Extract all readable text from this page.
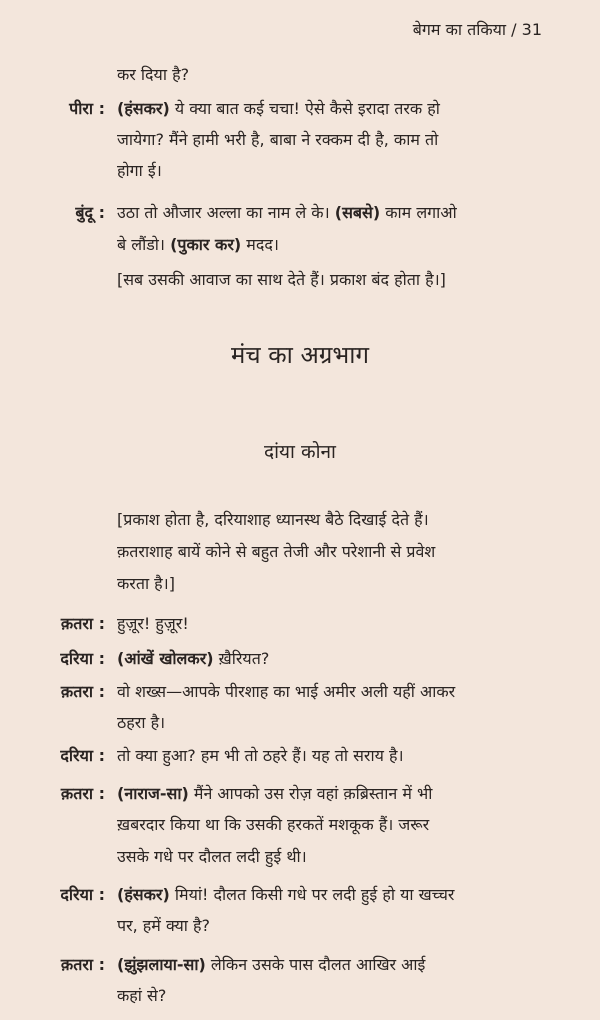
बेगम का तकिया / 31
कर दिया है?
पीरा : (हंसकर) ये क्या बात कई चचा! ऐसे कैसे इरादा तरक हो
जायेगा? मैंने हामी भरी है, बाबा ने रक्कम दी है, काम तो
होगा ई।
बुंदू : उठा तो औजार अल्ला का नाम ले के। (सबसे) काम लगाओ
बे लौंडो। (पुकार कर) मदद।
[सब उसकी आवाज का साथ देते हैं। प्रकाश बंद होता है।]
मंच का अग्रभाग
दांया कोना
[प्रकाश होता है, दरियाशाह ध्यानस्थ बैठे दिखाई देते हैं।
क़तराशाह बायें कोने से बहुत तेजी और परेशानी से प्रवेश
करता है।]
क़तरा : हुज़ूर! हुज़ूर!
दरिया : (आंखें खोलकर) ख़ैरियत?
क़तरा : वो शख्स—आपके पीरशाह का भाई अमीर अली यहीं आकर
ठहरा है।
दरिया : तो क्या हुआ? हम भी तो ठहरे हैं। यह तो सराय है।
क़तरा : (नाराज-सा) मैंने आपको उस रोज़ वहां क़ब्रिस्तान में भी
ख़बरदार किया था कि उसकी हरकतें मशकूक हैं। जरूर
उसके गधे पर दौलत लदी हुई थी।
दरिया : (हंसकर) मियां! दौलत किसी गधे पर लदी हुई हो या खच्चर
पर, हमें क्या है?
क़तरा : (झुंझलाया-सा) लेकिन उसके पास दौलत आखिर आई
कहां से?
